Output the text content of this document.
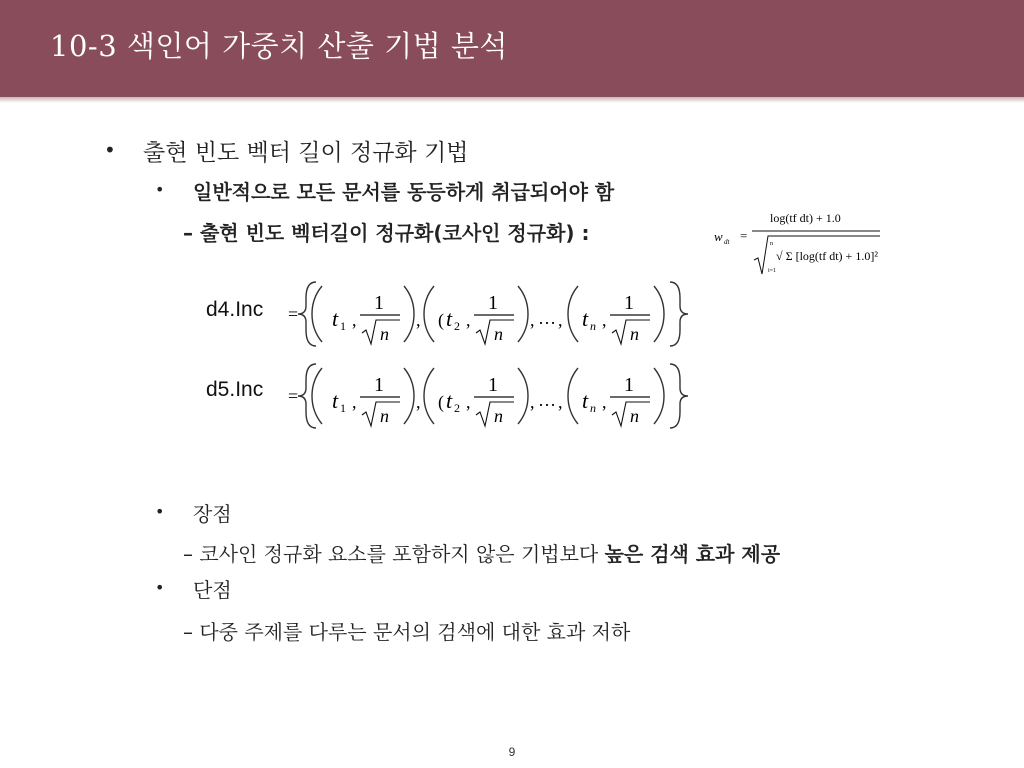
10-3 색인어 가중치 산출 기법 분석
• 출현 빈도 벡터 길이 정규화 기법
• 일반적으로 모든 문서를 동등하게 취급되어야 함
– 출현 빈도 벡터길이 정규화(코사인 정규화) :	w dt =
log(tf dt) + 1.0
√ Σ [log(tf dt) + 1.0]²
n
i=1
d4.Inc = t 1 ,
1
n
, ( t 2 ,
1
n
, … , t n ,
1
n
d5.Inc = t 1 ,
1
n
, ( t 2 ,
1
n
, … , t n ,
1
n
• 장점
– 코사인 정규화 요소를 포함하지 않은 기법보다 높은 검색 효과 제공
• 단점
– 다중 주제를 다루는 문서의 검색에 대한 효과 저하
9
